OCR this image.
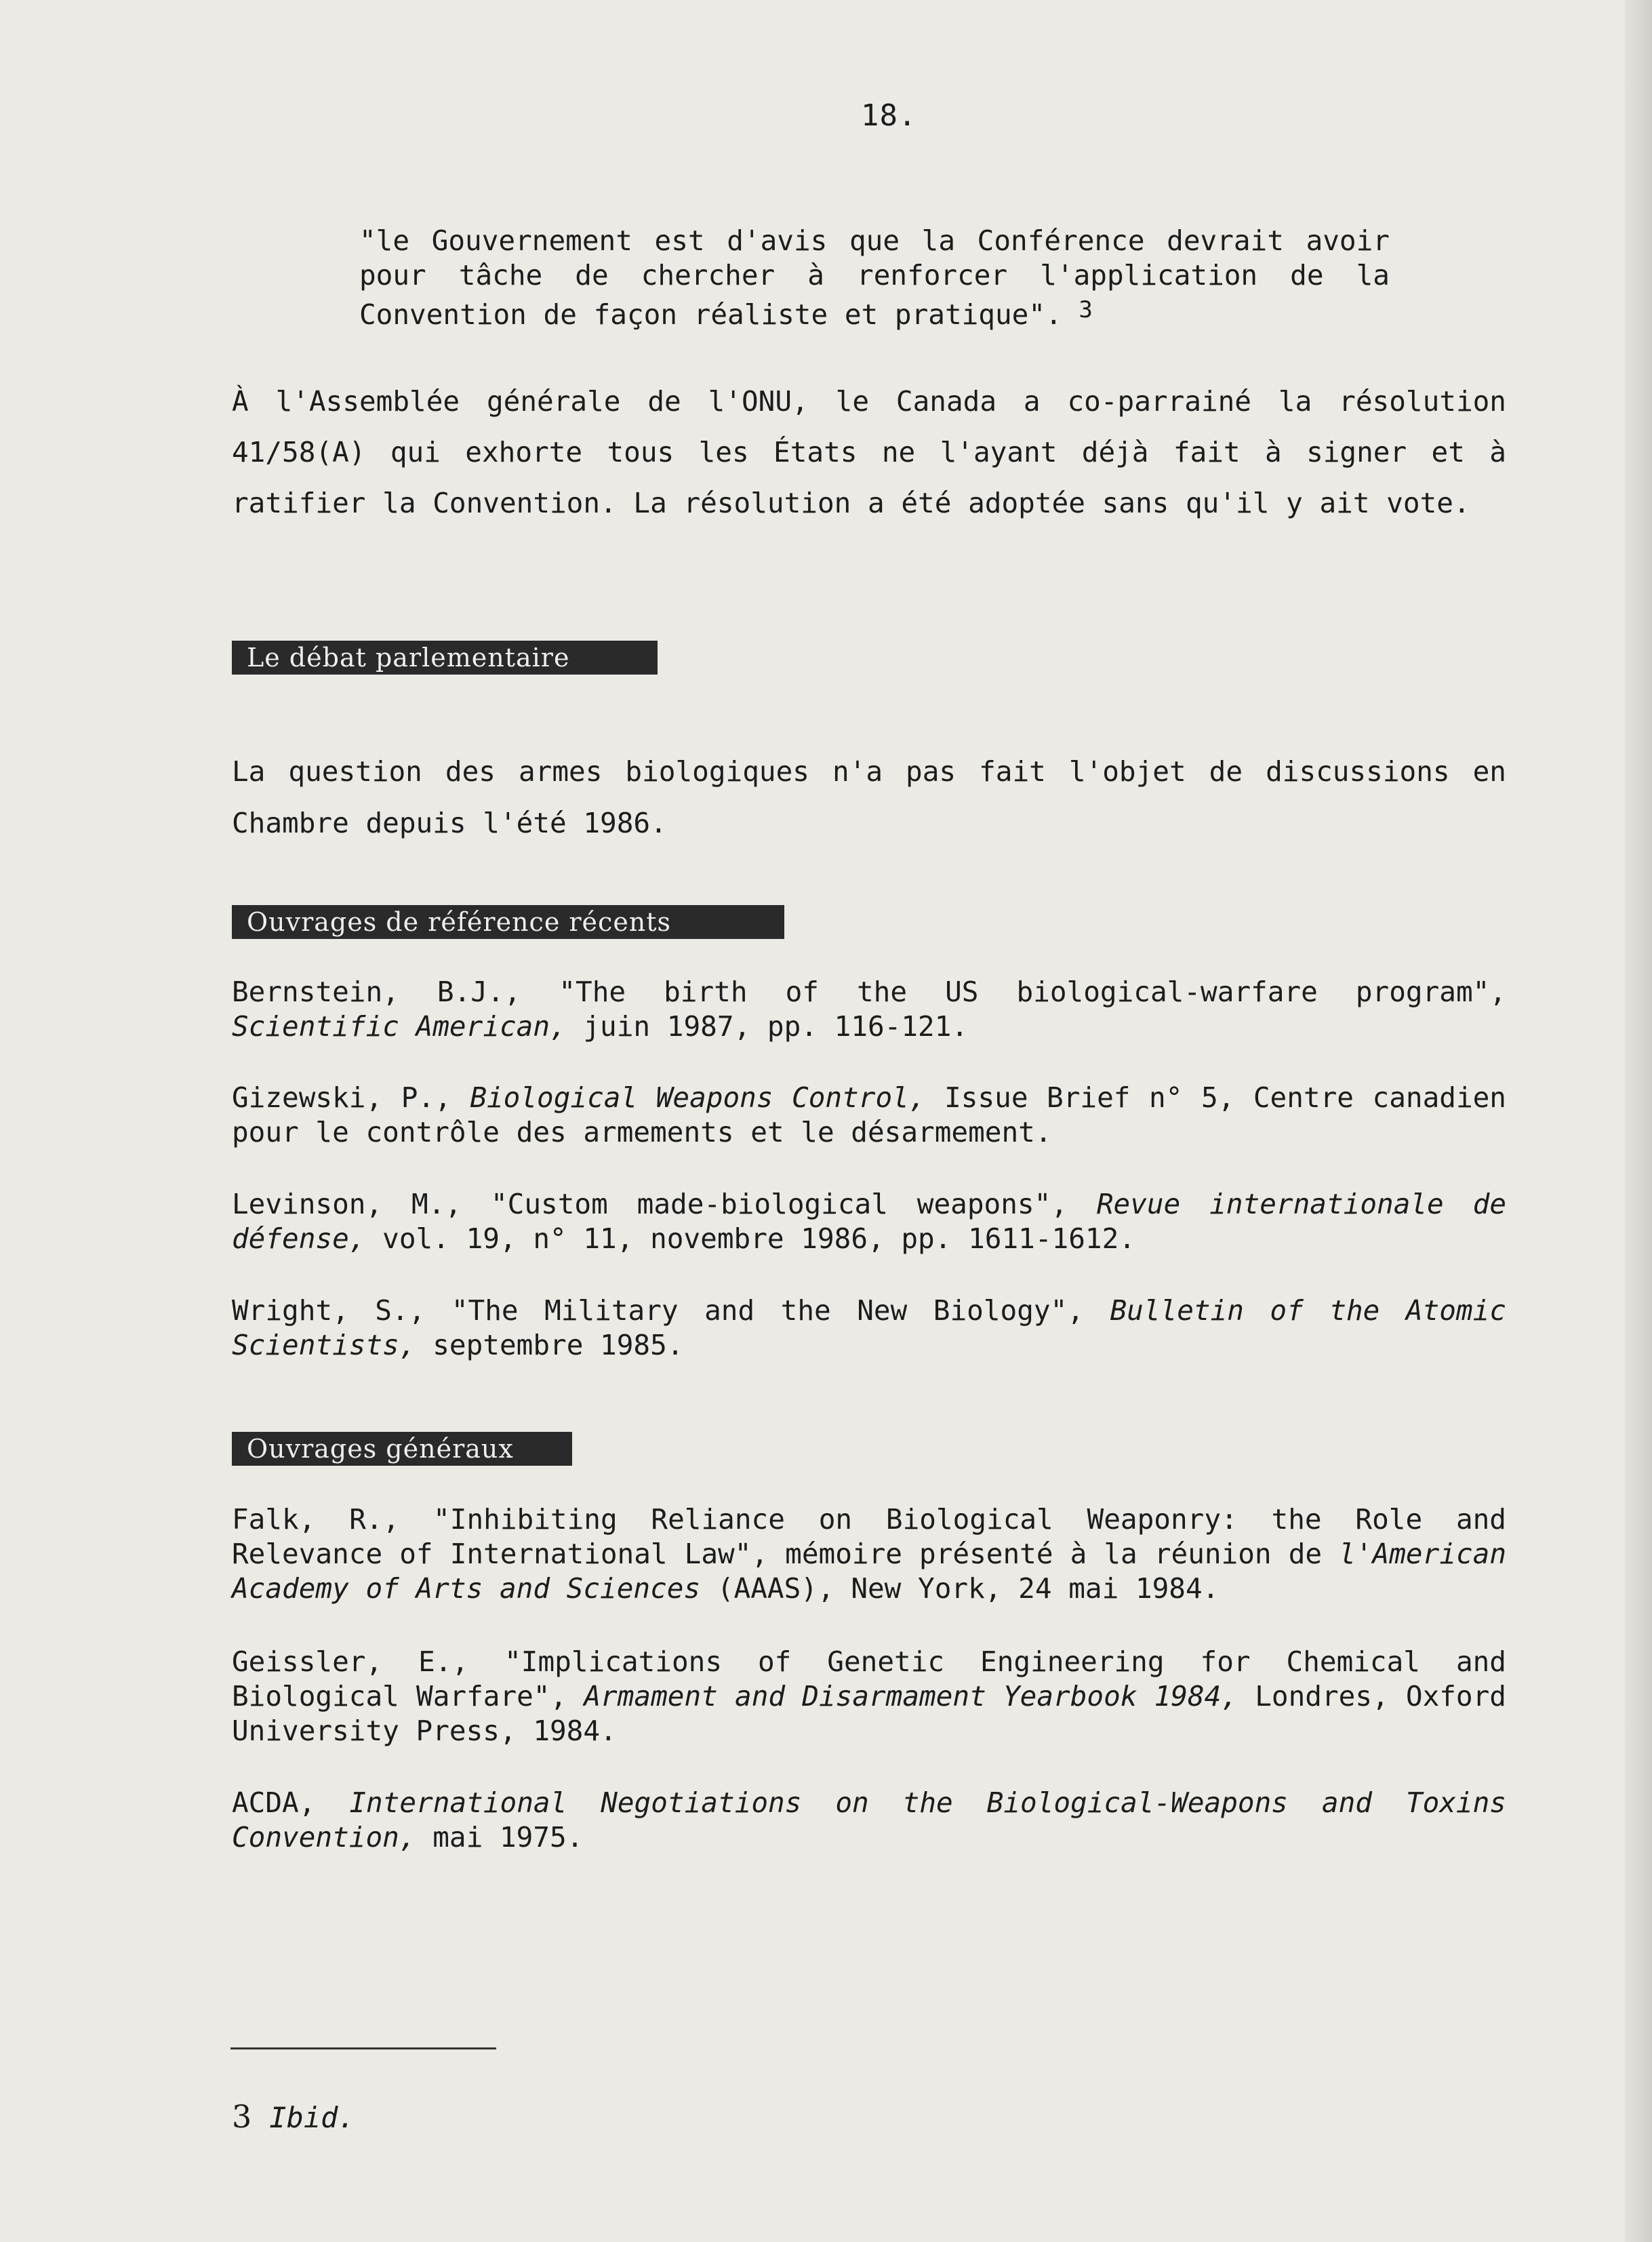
18.
"le Gouvernement est d'avis que la Conférence devrait avoir pour tâche de chercher à renforcer l'application de la Convention de façon réaliste et pratique". $^3$
À l'Assemblée générale de l'ONU, le Canada a co-parrainé la résolution 41/58(A) qui exhorte tous les États ne l'ayant déjà fait à signer et à ratifier la Convention. La résolution a été adoptée sans qu'il y ait vote.
Le débat parlementaire
La question des armes biologiques n'a pas fait l'objet de discussions en Chambre depuis l'été 1986.
Ouvrages de référence récents
Bernstein, B.J., "The birth of the US biological-warfare program", Scientific American, juin 1987, pp. 116-121.
Gizewski, P., Biological Weapons Control, Issue Brief n° 5, Centre canadien pour le contrôle des armements et le désarmement.
Levinson, M., "Custom made-biological weapons", Revue internationale de défense, vol. 19, n° 11, novembre 1986, pp. 1611-1612.
Wright, S., "The Military and the New Biology", Bulletin of the Atomic Scientists, septembre 1985.
Ouvrages généraux
Falk, R., "Inhibiting Reliance on Biological Weaponry: the Role and Relevance of International Law", mémoire présenté à la réunion de l'American Academy of Arts and Sciences (AAAS), New York, 24 mai 1984.
Geissler, E., "Implications of Genetic Engineering for Chemical and Biological Warfare", Armament and Disarmament Yearbook 1984, Londres, Oxford University Press, 1984.
ACDA, International Negotiations on the Biological-Weapons and Toxins Convention, mai 1975.
3 Ibid.
